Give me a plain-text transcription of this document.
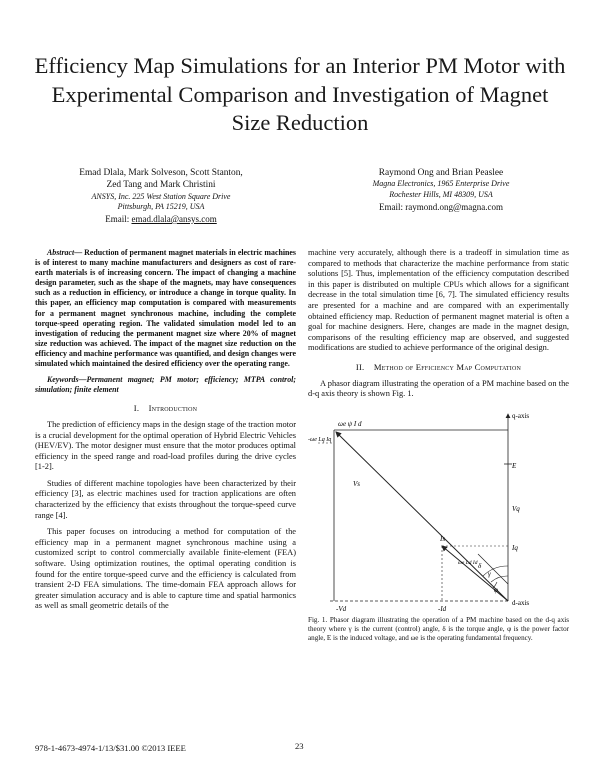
Efficiency Map Simulations for an Interior PM Motor with Experimental Comparison and Investigation of Magnet Size Reduction
Emad Dlala, Mark Solveson, Scott Stanton,
Zed Tang and Mark Christini
ANSYS, Inc. 225 West Station Square Drive
Pittsburgh, PA 15219, USA
Email: emad.dlala@ansys.com
Raymond Ong and Brian Peaslee
Magna Electronics, 1965 Enterprise Drive
Rochester Hills, MI 48309, USA
Email: raymond.ong@magna.com

Abstract— Reduction of permanent magnet materials in electric machines is of interest to many machine manufacturers and designers as cost of rare-earth materials is of increasing concern. The impact of changing a machine design parameter, such as the shape of the magnets, may have consequences such as a reduction in efficiency, or introduce a change in torque quality. In this paper, an efficiency map computation is compared with measurements for a permanent magnet synchronous machine, including the complete torque-speed operating region. The validated simulation model led to an investigation of reducing the permanent magnet size where 20% of magnet size reduction was achieved. The impact of the magnet size reduction on the efficiency and machine performance was quantified, and design changes were simulated which maintained the desired efficiency over the operating range.

Keywords—Permanent magnet; PM motor; efficiency; MTPA control; simulation; finite element

I. Introduction

The prediction of efficiency maps in the design stage of the traction motor is a crucial development for the optimal operation of Hybrid Electric Vehicles (HEV/EV). The motor designer must ensure that the motor produces optimal efficiency in the speed range and road-load profiles during the drive cycles [1-2].

Studies of different machine topologies have been characterized by their efficiency [3], as electric machines used for traction applications are often characterized by the efficiency that exists throughout the torque-speed curve range [4].

This paper focuses on introducing a method for computation of the efficiency map in a permanent magnet synchronous machine using a customized script to control commercially available finite-element (FEA) software. Using optimization routines, the optimal operating condition is found for the entire torque-speed curve and the efficiency is calculated from transient 2-D FEA simulations. The time-domain FEA approach allows for greater simulation accuracy and is able to capture time and spatial harmonics as well as small geometric details of the

machine very accurately, although there is a tradeoff in simulation time as compared to methods that characterize the machine performance from static solutions [5]. Thus, implementation of the efficiency computation described in this paper is distributed on multiple CPUs which allows for a significant decrease in the total simulation time [6, 7]. The simulated efficiency results are presented for a machine and are compared with an experimentally obtained efficiency map. Reduction of permanent magnet material is often a goal for machine designers. Here, changes are made in the magnet design, comparisons of the resulting efficiency map are observed, and suggested modifications are studied to achieve performance of the original design.

II. Method of Efficiency Map Computation

A phasor diagram illustrating the operation of a PM machine based on the d-q axis theory is shown Fig. 1.

q-axis
d-axis
ωe ψ I d
-ωe Lq Iq
Vs
-Vd
Vq
E
Is
Iq
-Id
γ
δ
φ
ωe Ld Id

Fig. 1. Phasor diagram illustrating the operation of a PM machine based on the d-q axis theory where γ is the current (control) angle, δ is the torque angle, φ is the power factor angle, E is the induced voltage, and ωe is the operating fundamental frequency.

978-1-4673-4974-1/13/$31.00 ©2013 IEEE	23
